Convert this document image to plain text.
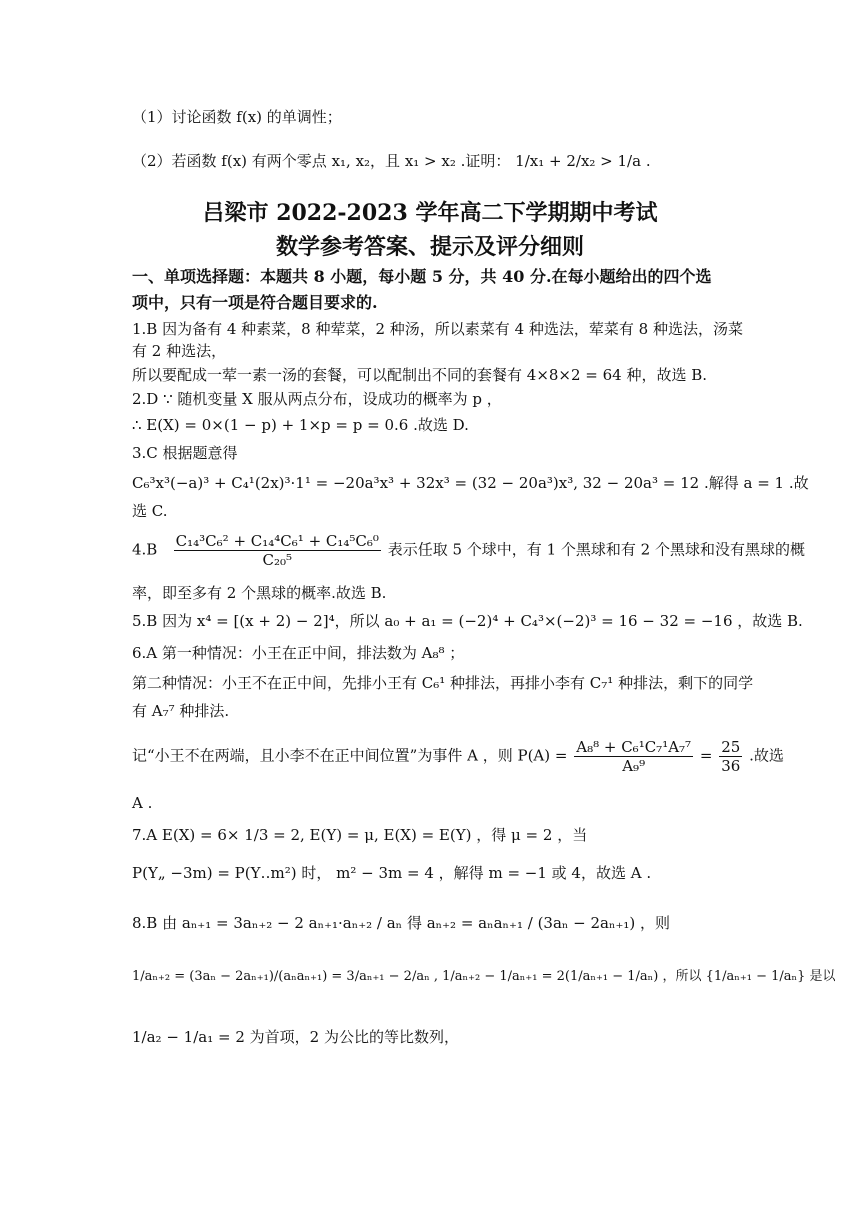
（1）讨论函数 f(x) 的单调性；
（2）若函数 f(x) 有两个零点 x₁, x₂，且 x₁ > x₂ .证明： 1/x₁ + 2/x₂ > 1/a .
吕梁市 2022-2023 学年高二下学期期中考试
数学参考答案、提示及评分细则
一、单项选择题：本题共 8 小题，每小题 5 分，共 40 分.在每小题给出的四个选
项中，只有一项是符合题目要求的.
1.B 因为备有 4 种素菜，8 种荤菜，2 种汤，所以素菜有 4 种选法，荤菜有 8 种选法，汤菜
有 2 种选法，
所以要配成一荤一素一汤的套餐，可以配制出不同的套餐有 4×8×2 = 64 种，故选 B.
2.D ∵ 随机变量 X 服从两点分布，设成功的概率为 p ，
∴ E(X) = 0×(1 − p) + 1×p = p = 0.6 .故选 D.
3.C 根据题意得
C₆³x³(−a)³ + C₄¹(2x)³·1¹ = −20a³x³ + 32x³ = (32 − 20a³)x³, 32 − 20a³ = 12 .解得 a = 1 .故
选 C.
$4.B \frac{\text{C₁₄³C₆² + C₁₄⁴C₆¹ + C₁₄⁵C₆⁰}}{\text{C₂₀⁵}}$ 表示任取 5 个球中，有 1 个黑球和有 2 个黑球和没有黑球的概
率，即至多有 2 个黑球的概率.故选 B.
5.B 因为 x⁴ = [(x + 2) − 2]⁴，所以 a₀ + a₁ = (−2)⁴ + C₄³×(−2)³ = 16 − 32 = −16 ，故选 B.
6.A 第一种情况：小王在正中间，排法数为 A₈⁸ ；
第二种情况：小王不在正中间，先排小王有 C₆¹ 种排法，再排小李有 C₇¹ 种排法，剩下的同学
有 A₇⁷ 种排法.
记“小王不在两端，且小李不在正中间位置”为事件 A ，则 $P(A) = \frac{\text{A₈⁸ + C₆¹C₇¹A₇⁷}}{\text{A₉⁹}} = \frac{25}{36}$ .故选
A .
7.A E(X) = 6× 1/3 = 2, E(Y) = μ, E(X) = E(Y) ，得 μ = 2 ，当
P(Y„ −3m) = P(Y‥m²) 时， m² − 3m = 4 ，解得 m = −1 或 4，故选 A .
8.B 由 aₙ₊₁ = 3aₙ₊₂ − 2 aₙ₊₁·aₙ₊₂ / aₙ 得 aₙ₊₂ = aₙaₙ₊₁ / (3aₙ − 2aₙ₊₁) ，则
1/aₙ₊₂ = (3aₙ − 2aₙ₊₁)/(aₙaₙ₊₁) = 3/aₙ₊₁ − 2/aₙ , 1/aₙ₊₂ − 1/aₙ₊₁ = 2(1/aₙ₊₁ − 1/aₙ) ，所以 {1/aₙ₊₁ − 1/aₙ} 是以
1/a₂ − 1/a₁ = 2 为首项，2 为公比的等比数列，
